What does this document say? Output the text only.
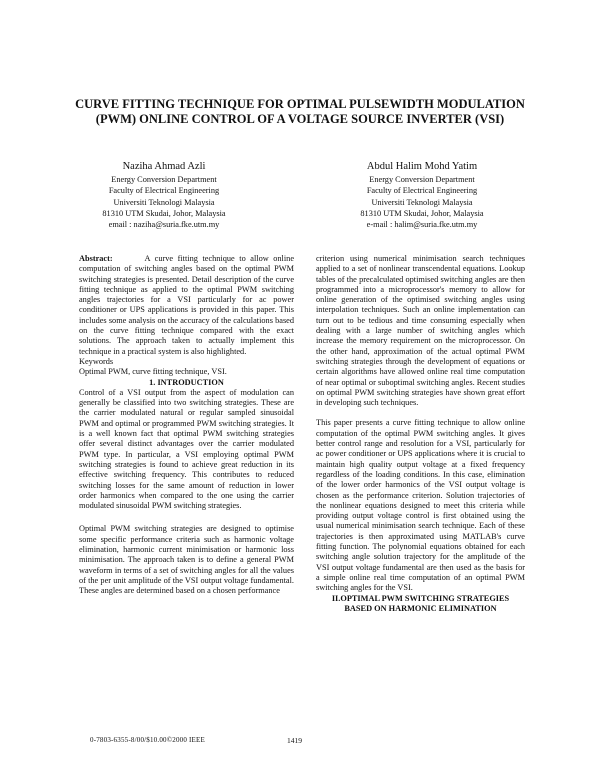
CURVE FITTING TECHNIQUE FOR OPTIMAL PULSEWIDTH MODULATION
(PWM) ONLINE CONTROL OF A VOLTAGE SOURCE INVERTER (VSI)
Naziha Ahmad Azli
Energy Conversion Department
Faculty of Electrical Engineering
Universiti Teknologi Malaysia
81310 UTM Skudai, Johor, Malaysia
email : naziha@suria.fke.utm.my
Abdul Halim Mohd Yatim
Energy Conversion Department
Faculty of Electrical Engineering
Universiti Teknologi Malaysia
81310 UTM Skudai, Johor, Malaysia
e-mail : halim@suria.fke.utm.my

Abstract:	A curve fitting technique to allow online computation of switching angles based on the optimal PWM switching strategies is presented. Detail description of the curve fitting technique as applied to the optimal PWM switching angles trajectories for a VSI particularly for ac power conditioner or UPS applications is provided in this paper. This includes some analysis on the accuracy of the calculations based on the curve fitting technique compared with the exact solutions. The approach taken to actually implement this technique in a practical system is also highlighted.

Keywords

Optimal PWM, curve fitting technique, VSI.

1. INTRODUCTION

Control of a VSI output from the aspect of modulation can generally be classified into two switching strategies. These are the carrier modulated natural or regular sampled sinusoidal PWM and optimal or programmed PWM switching strategies. It is a well known fact that optimal PWM switching strategies offer several distinct advantages over the carrier modulated PWM type. In particular, a VSI employing optimal PWM switching strategies is found to achieve great reduction in its effective switching frequency. This contributes to reduced switching losses for the same amount of reduction in lower order harmonics when compared to the one using the carrier modulated sinusoidal PWM switching strategies.

Optimal PWM switching strategies are designed to optimise some specific performance criteria such as harmonic voltage elimination, harmonic current minimisation or harmonic loss minimisation. The approach taken is to define a general PWM waveform in terms of a set of switching angles for all the values of the per unit amplitude of the VSI output voltage fundamental. These angles are determined based on a chosen performance

criterion using numerical minimisation search techniques applied to a set of nonlinear transcendental equations. Lookup tables of the precalculated optimised switching angles are then programmed into a microprocessor's memory to allow for online generation of the optimised switching angles using interpolation techniques. Such an online implementation can turn out to be tedious and time consuming especially when dealing with a large number of switching angles which increase the memory requirement on the microprocessor. On the other hand, approximation of the actual optimal PWM switching strategies through the development of equations or certain algorithms have allowed online real time computation of near optimal or suboptimal switching angles. Recent studies on optimal PWM switching strategies have shown great effort in developing such techniques.

This paper presents a curve fitting technique to allow online computation of the optimal PWM switching angles. It gives better control range and resolution for a VSI, particularly for ac power conditioner or UPS applications where it is crucial to maintain high quality output voltage at a fixed frequency regardless of the loading conditions. In this case, elimination of the lower order harmonics of the VSI output voltage is chosen as the performance criterion. Solution trajectories of the nonlinear equations designed to meet this criteria while providing output voltage control is first obtained using the usual numerical minimisation search technique. Each of these trajectories is then approximated using MATLAB's curve fitting function. The polynomial equations obtained for each switching angle solution trajectory for the amplitude of the VSI output voltage fundamental are then used as the basis for a simple online real time computation of an optimal PWM switching angles for the VSI.

II.OPTIMAL PWM SWITCHING STRATEGIES
BASED ON HARMONIC ELIMINATION

0-7803-6355-8/00/$10.00©2000 IEEE	1419
